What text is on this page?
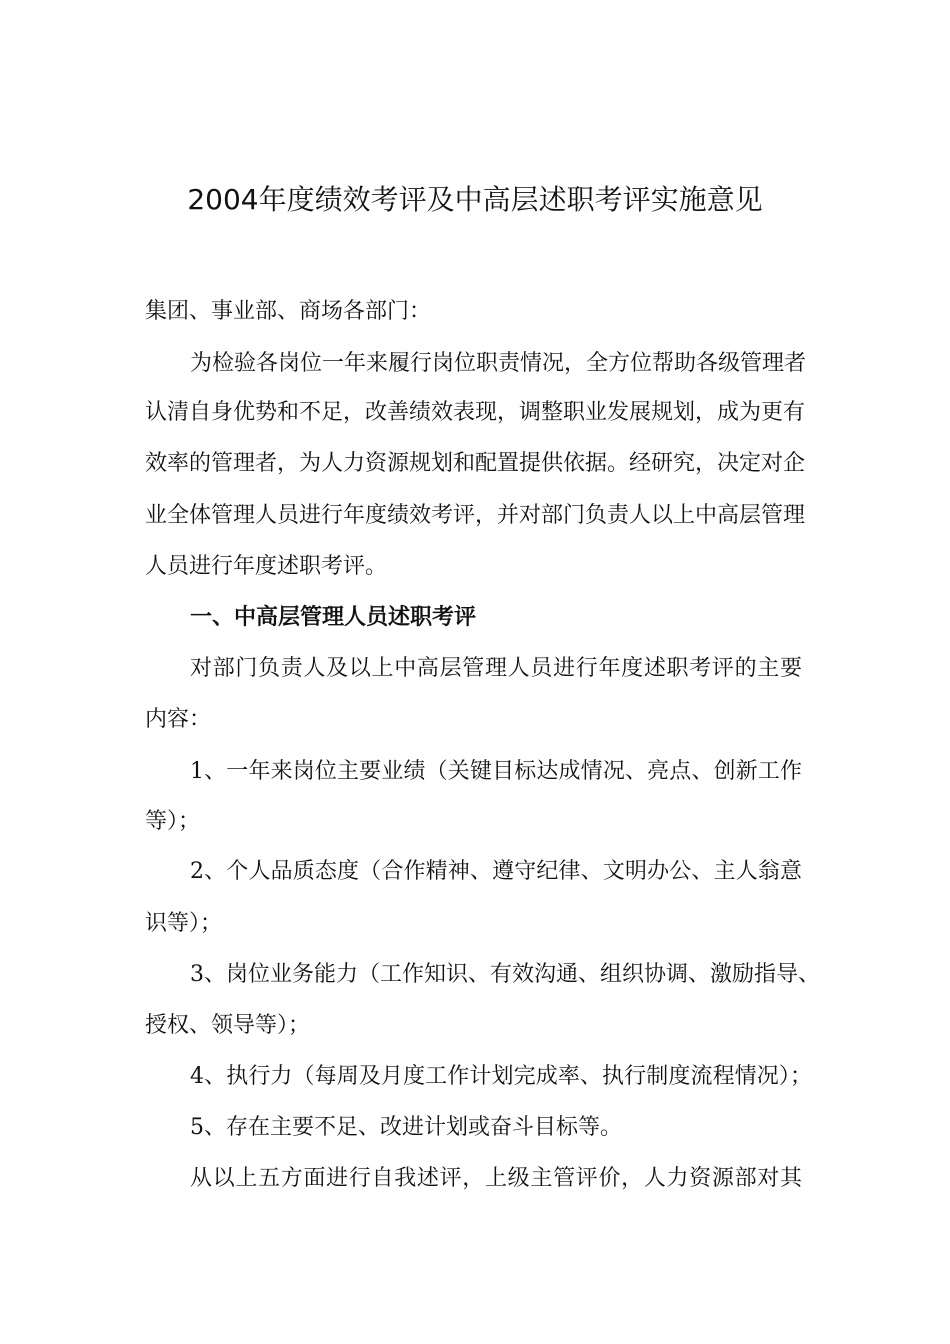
2004年度绩效考评及中高层述职考评实施意见

集团、事业部、商场各部门：

为检验各岗位一年来履行岗位职责情况，全方位帮助各级管理者

认清自身优势和不足，改善绩效表现，调整职业发展规划，成为更有

效率的管理者，为人力资源规划和配置提供依据。经研究，决定对企

业全体管理人员进行年度绩效考评，并对部门负责人以上中高层管理

人员进行年度述职考评。

一、中高层管理人员述职考评

对部门负责人及以上中高层管理人员进行年度述职考评的主要

内容：

1、一年来岗位主要业绩（关键目标达成情况、亮点、创新工作

等）；

2、个人品质态度（合作精神、遵守纪律、文明办公、主人翁意

识等）；

3、岗位业务能力（工作知识、有效沟通、组织协调、激励指导、

授权、领导等）；

4、执行力（每周及月度工作计划完成率、执行制度流程情况）；

5、存在主要不足、改进计划或奋斗目标等。

从以上五方面进行自我述评，上级主管评价，人力资源部对其
